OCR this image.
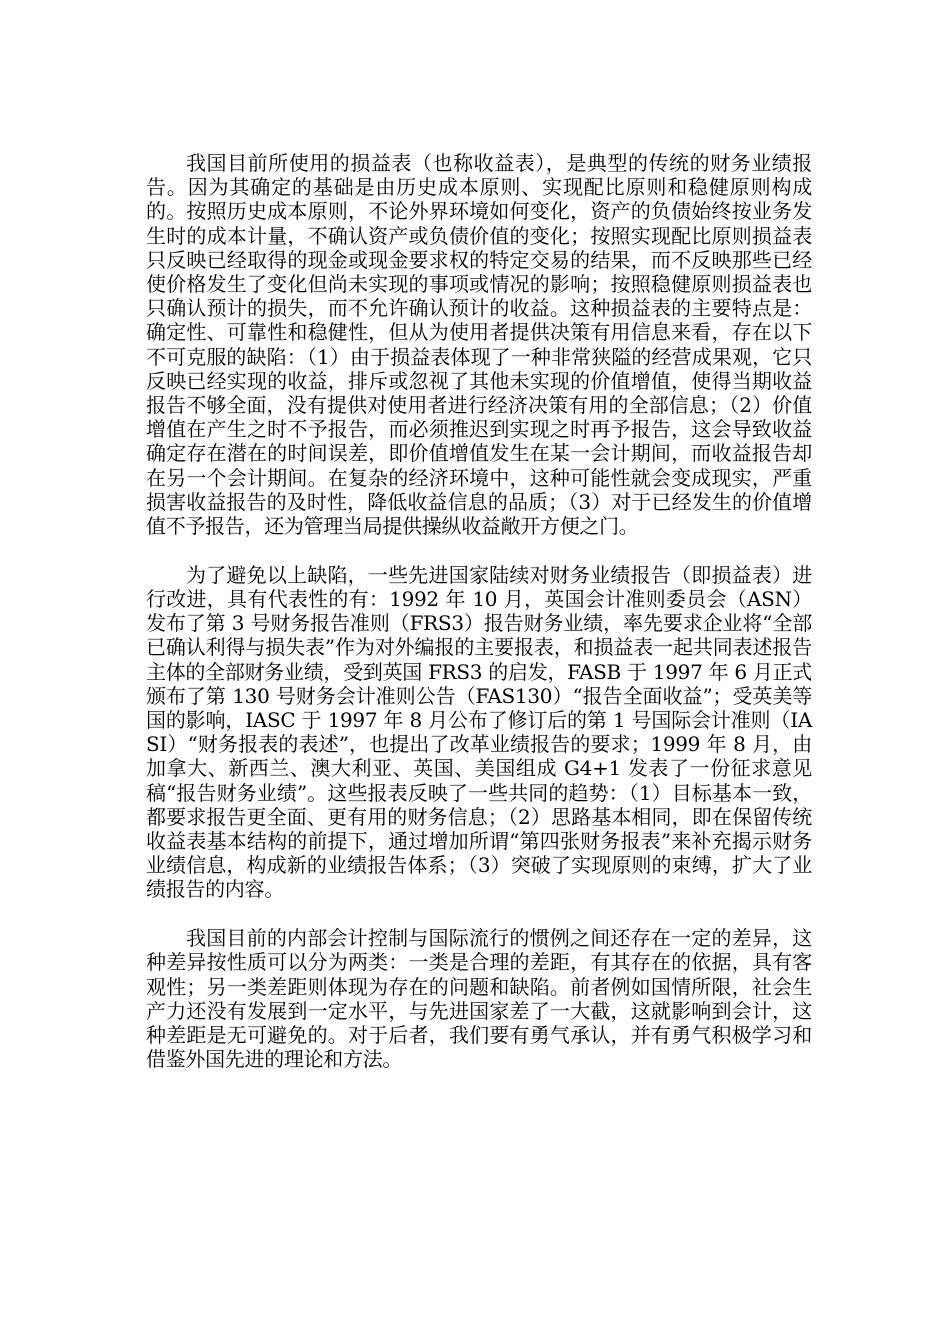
我国目前所使用的损益表（也称收益表），是典型的传统的财务业绩报告。因为其确定的基础是由历史成本原则、实现配比原则和稳健原则构成的。按照历史成本原则，不论外界环境如何变化，资产的负债始终按业务发生时的成本计量，不确认资产或负债价值的变化；按照实现配比原则损益表只反映已经取得的现金或现金要求权的特定交易的结果，而不反映那些已经使价格发生了变化但尚未实现的事项或情况的影响；按照稳健原则损益表也只确认预计的损失，而不允许确认预计的收益。这种损益表的主要特点是：确定性、可靠性和稳健性，但从为使用者提供决策有用信息来看，存在以下不可克服的缺陷：（1）由于损益表体现了一种非常狭隘的经营成果观，它只反映已经实现的收益，排斥或忽视了其他未实现的价值增值，使得当期收益报告不够全面，没有提供对使用者进行经济决策有用的全部信息；（2）价值增值在产生之时不予报告，而必须推迟到实现之时再予报告，这会导致收益确定存在潜在的时间误差，即价值增值发生在某一会计期间，而收益报告却在另一个会计期间。在复杂的经济环境中，这种可能性就会变成现实，严重损害收益报告的及时性，降低收益信息的品质；（3）对于已经发生的价值增值不予报告，还为管理当局提供操纵收益敞开方便之门。

为了避免以上缺陷，一些先进国家陆续对财务业绩报告（即损益表）进行改进，具有代表性的有：1992 年 10 月，英国会计准则委员会（ASN）发布了第 3 号财务报告准则（FRS3）报告财务业绩，率先要求企业将“全部已确认利得与损失表”作为对外编报的主要报表，和损益表一起共同表述报告主体的全部财务业绩，受到英国 FRS3 的启发，FASB 于 1997 年 6 月正式颁布了第 130 号财务会计准则公告（FAS130）“报告全面收益”；受英美等国的影响，IASC 于 1997 年 8 月公布了修订后的第 1 号国际会计准则（IASI）“财务报表的表述”，也提出了改革业绩报告的要求；1999 年 8 月，由加拿大、新西兰、澳大利亚、英国、美国组成 G4+1 发表了一份征求意见稿“报告财务业绩”。这些报表反映了一些共同的趋势：（1）目标基本一致，都要求报告更全面、更有用的财务信息；（2）思路基本相同，即在保留传统收益表基本结构的前提下，通过增加所谓“第四张财务报表”来补充揭示财务业绩信息，构成新的业绩报告体系；（3）突破了实现原则的束缚，扩大了业绩报告的内容。

我国目前的内部会计控制与国际流行的惯例之间还存在一定的差异，这种差异按性质可以分为两类：一类是合理的差距，有其存在的依据，具有客观性；另一类差距则体现为存在的问题和缺陷。前者例如国情所限，社会生产力还没有发展到一定水平，与先进国家差了一大截，这就影响到会计，这种差距是无可避免的。对于后者，我们要有勇气承认，并有勇气积极学习和借鉴外国先进的理论和方法。
